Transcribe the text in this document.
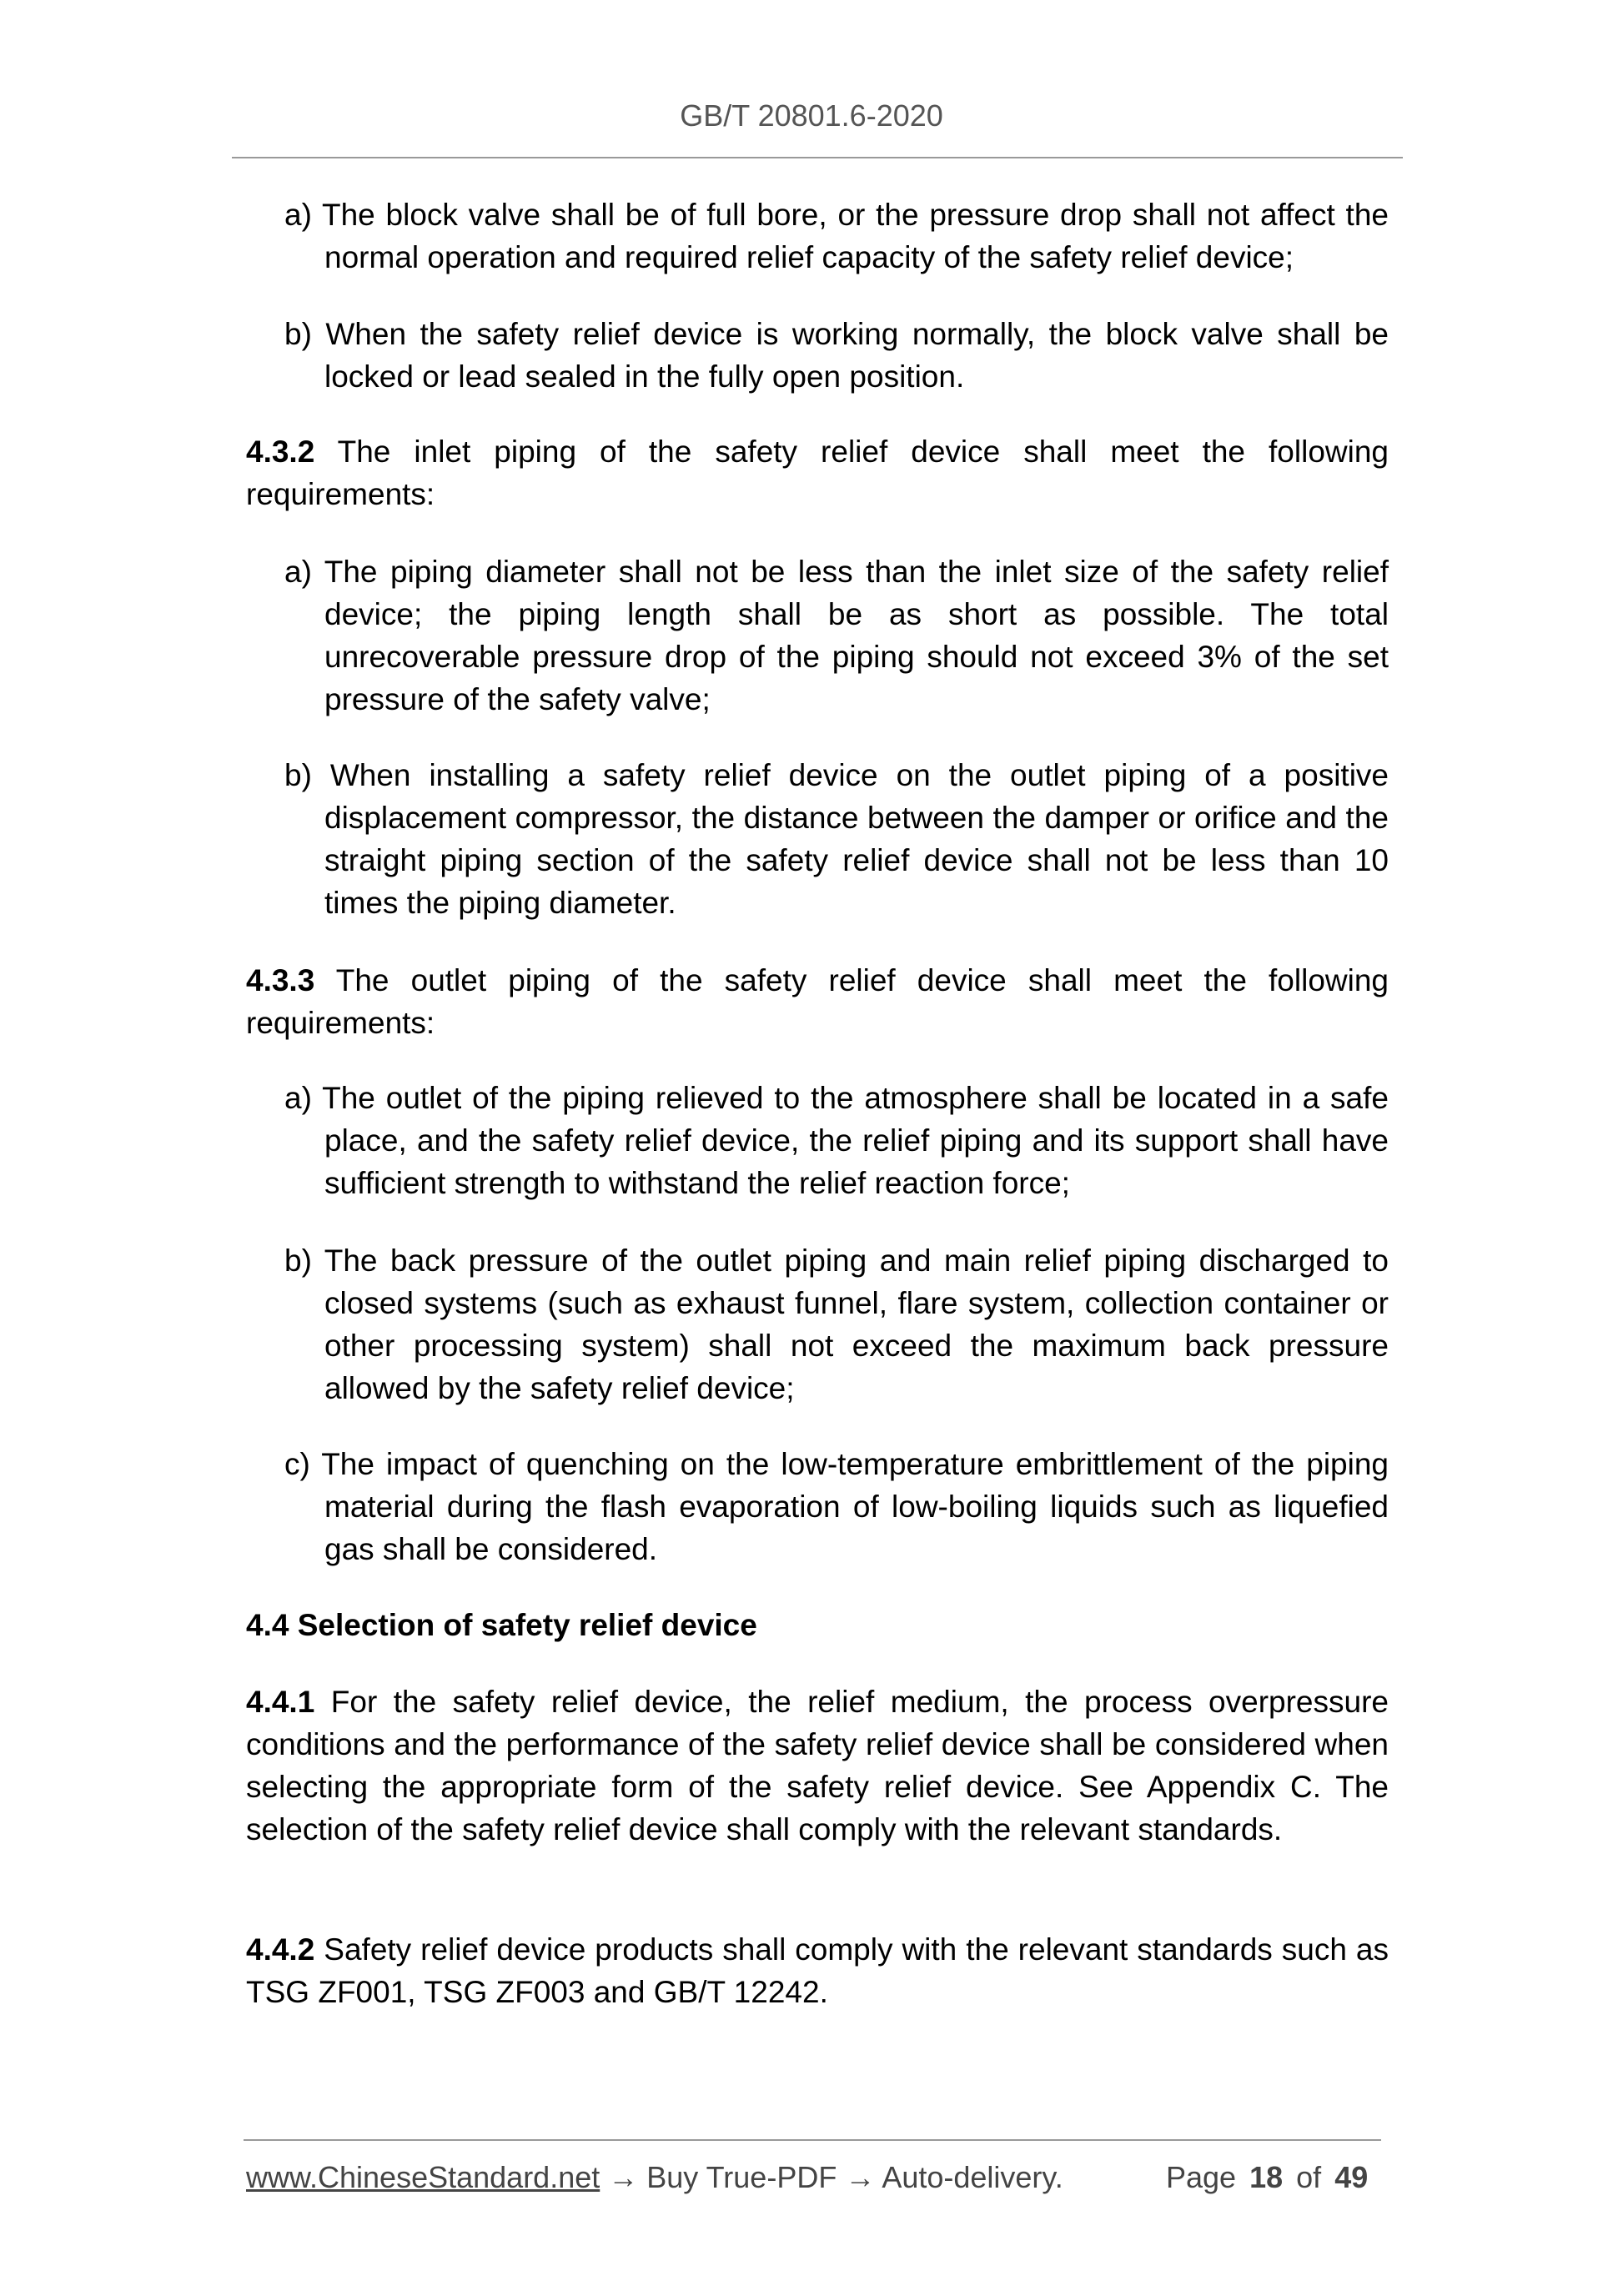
GB/T 20801.6-2020
a) The block valve shall be of full bore, or the pressure drop shall not affect the normal operation and required relief capacity of the safety relief device;
b) When the safety relief device is working normally, the block valve shall be locked or lead sealed in the fully open position.
4.3.2 The inlet piping of the safety relief device shall meet the following requirements:
a) The piping diameter shall not be less than the inlet size of the safety relief device; the piping length shall be as short as possible. The total unrecoverable pressure drop of the piping should not exceed 3% of the set pressure of the safety valve;
b) When installing a safety relief device on the outlet piping of a positive displacement compressor, the distance between the damper or orifice and the straight piping section of the safety relief device shall not be less than 10 times the piping diameter.
4.3.3 The outlet piping of the safety relief device shall meet the following requirements:
a) The outlet of the piping relieved to the atmosphere shall be located in a safe place, and the safety relief device, the relief piping and its support shall have sufficient strength to withstand the relief reaction force;
b) The back pressure of the outlet piping and main relief piping discharged to closed systems (such as exhaust funnel, flare system, collection container or other processing system) shall not exceed the maximum back pressure allowed by the safety relief device;
c) The impact of quenching on the low-temperature embrittlement of the piping material during the flash evaporation of low-boiling liquids such as liquefied gas shall be considered.
4.4 Selection of safety relief device
4.4.1 For the safety relief device, the relief medium, the process overpressure conditions and the performance of the safety relief device shall be considered when selecting the appropriate form of the safety relief device. See Appendix C. The selection of the safety relief device shall comply with the relevant standards.
4.4.2 Safety relief device products shall comply with the relevant standards such as TSG ZF001, TSG ZF003 and GB/T 12242.
www.ChineseStandard.net → Buy True-PDF → Auto-delivery.	Page 18 of 49
